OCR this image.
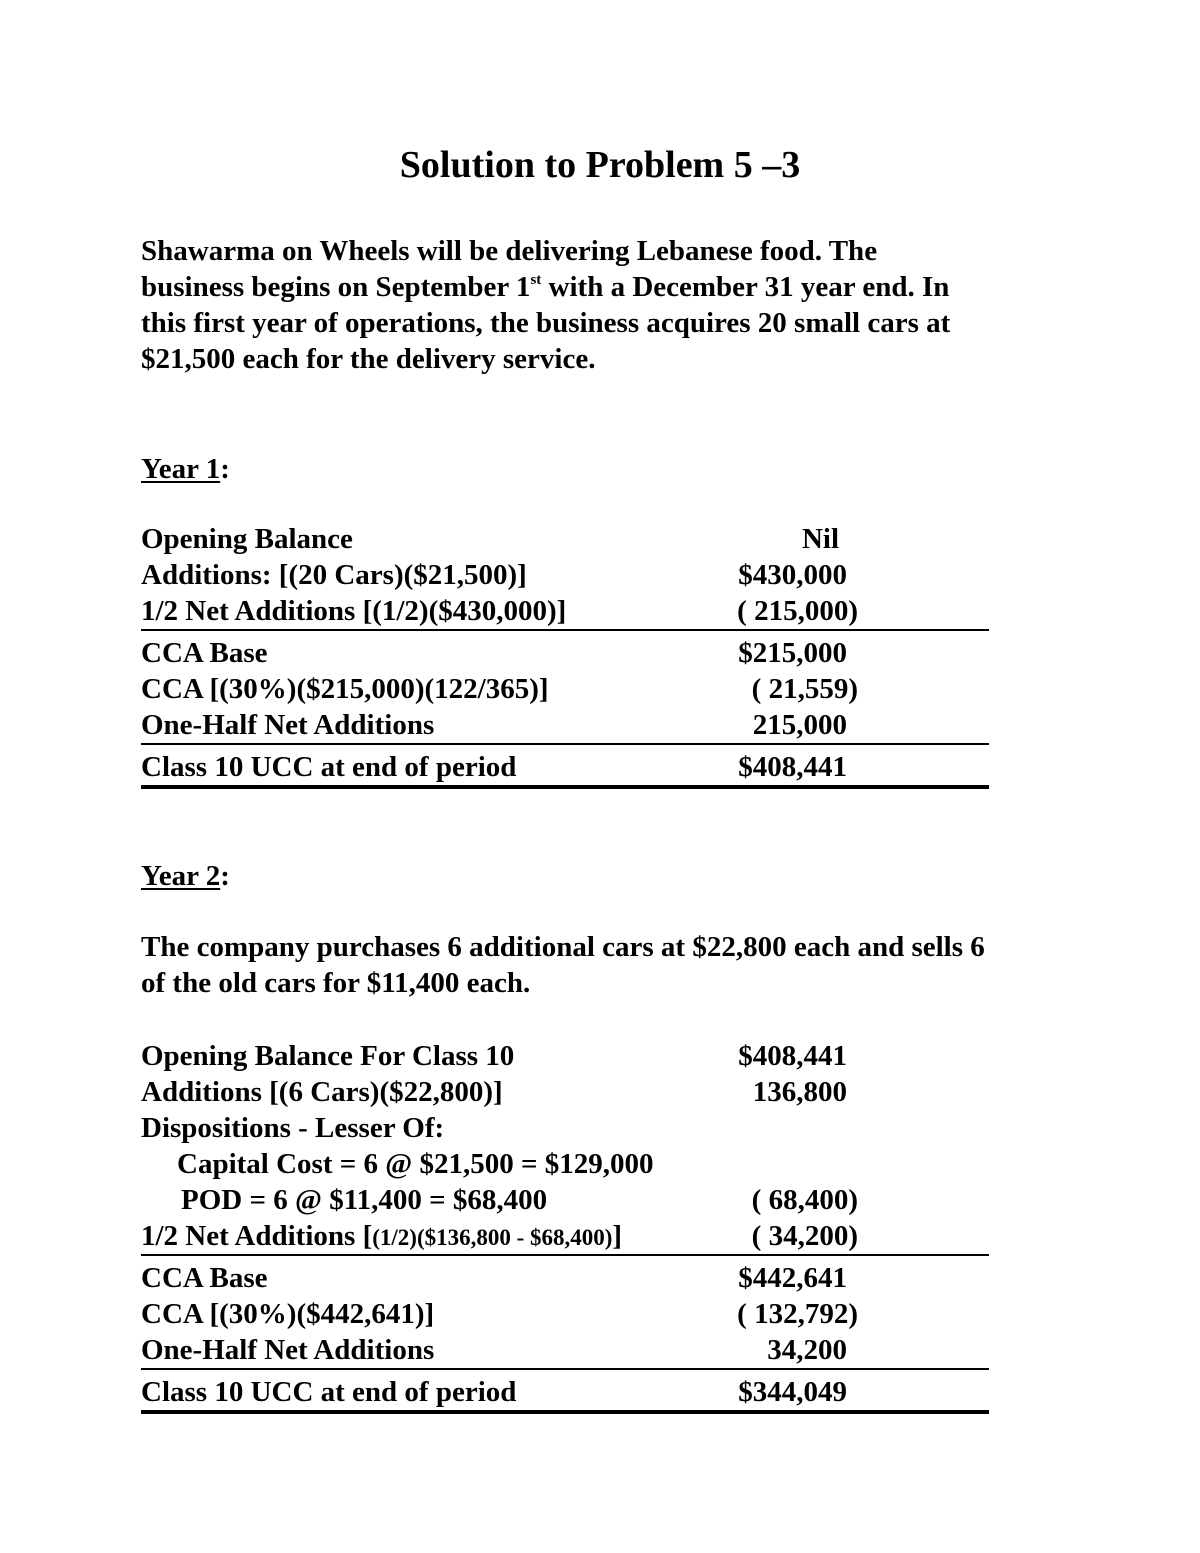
Solution to Problem 5 –3
Shawarma on Wheels will be delivering Lebanese food. The
business begins on September 1st with a December 31 year end. In
this first year of operations, the business acquires 20 small cars at
$21,500 each for the delivery service.
Year 1:
Opening Balance	Nil
Additions: [(20 Cars)($21,500)]	$430,000
1/2 Net Additions [(1/2)($430,000)]	( 215,000)
CCA Base	$215,000
CCA [(30%)($215,000)(122/365)]	( 21,559)
One-Half Net Additions	215,000
Class 10 UCC at end of period	$408,441
Year 2:
The company purchases 6 additional cars at $22,800 each and sells 6
of the old cars for $11,400 each.
Opening Balance For Class 10	$408,441
Additions [(6 Cars)($22,800)]	136,800
Dispositions - Lesser Of:
Capital Cost = 6 @ $21,500 = $129,000
POD = 6 @ $11,400 = $68,400	( 68,400)
1/2 Net Additions [(1/2)($136,800 - $68,400)]	( 34,200)
CCA Base	$442,641
CCA [(30%)($442,641)]	( 132,792)
One-Half Net Additions	34,200
Class 10 UCC at end of period	$344,049
